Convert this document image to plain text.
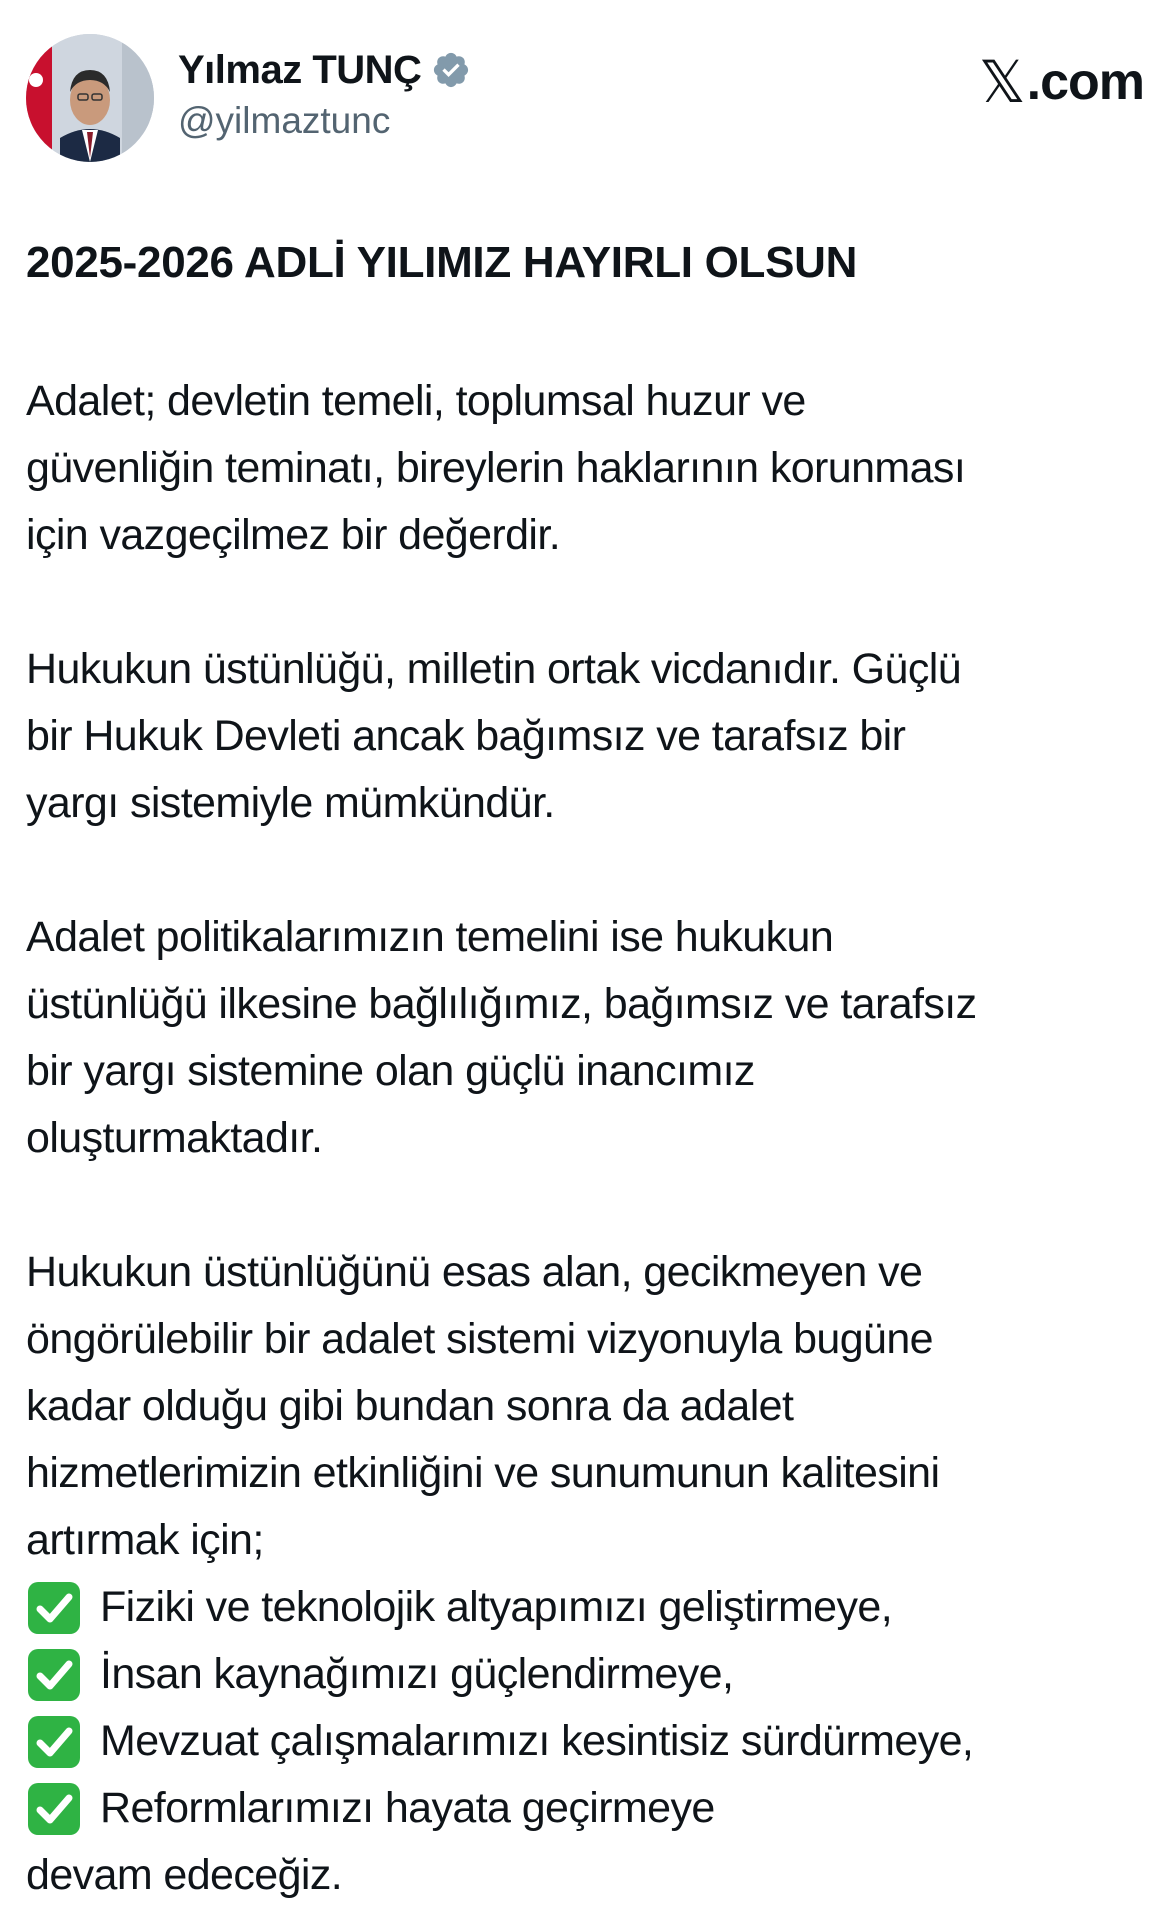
Yılmaz TUNÇ
@yilmaztunc
𝕏 .com
2025-2026 ADLİ YILIMIZ HAYIRLI OLSUN

Adalet; devletin temeli, toplumsal huzur ve
güvenliğin teminatı, bireylerin haklarının korunması
için vazgeçilmez bir değerdir.

Hukukun üstünlüğü, milletin ortak vicdanıdır. Güçlü
bir Hukuk Devleti ancak bağımsız ve tarafsız bir
yargı sistemiyle mümkündür.

Adalet politikalarımızın temelini ise hukukun
üstünlüğü ilkesine bağlılığımız, bağımsız ve tarafsız
bir yargı sistemine olan güçlü inancımız
oluşturmaktadır.

Hukukun üstünlüğünü esas alan, gecikmeyen ve
öngörülebilir bir adalet sistemi vizyonuyla bugüne
kadar olduğu gibi bundan sonra da adalet
hizmetlerimizin etkinliğini ve sunumunun kalitesini
artırmak için;
Fiziki ve teknolojik altyapımızı geliştirmeye,
İnsan kaynağımızı güçlendirmeye,
Mevzuat çalışmalarımızı kesintisiz sürdürmeye,
Reformlarımızı hayata geçirmeye
devam edeceğiz.
